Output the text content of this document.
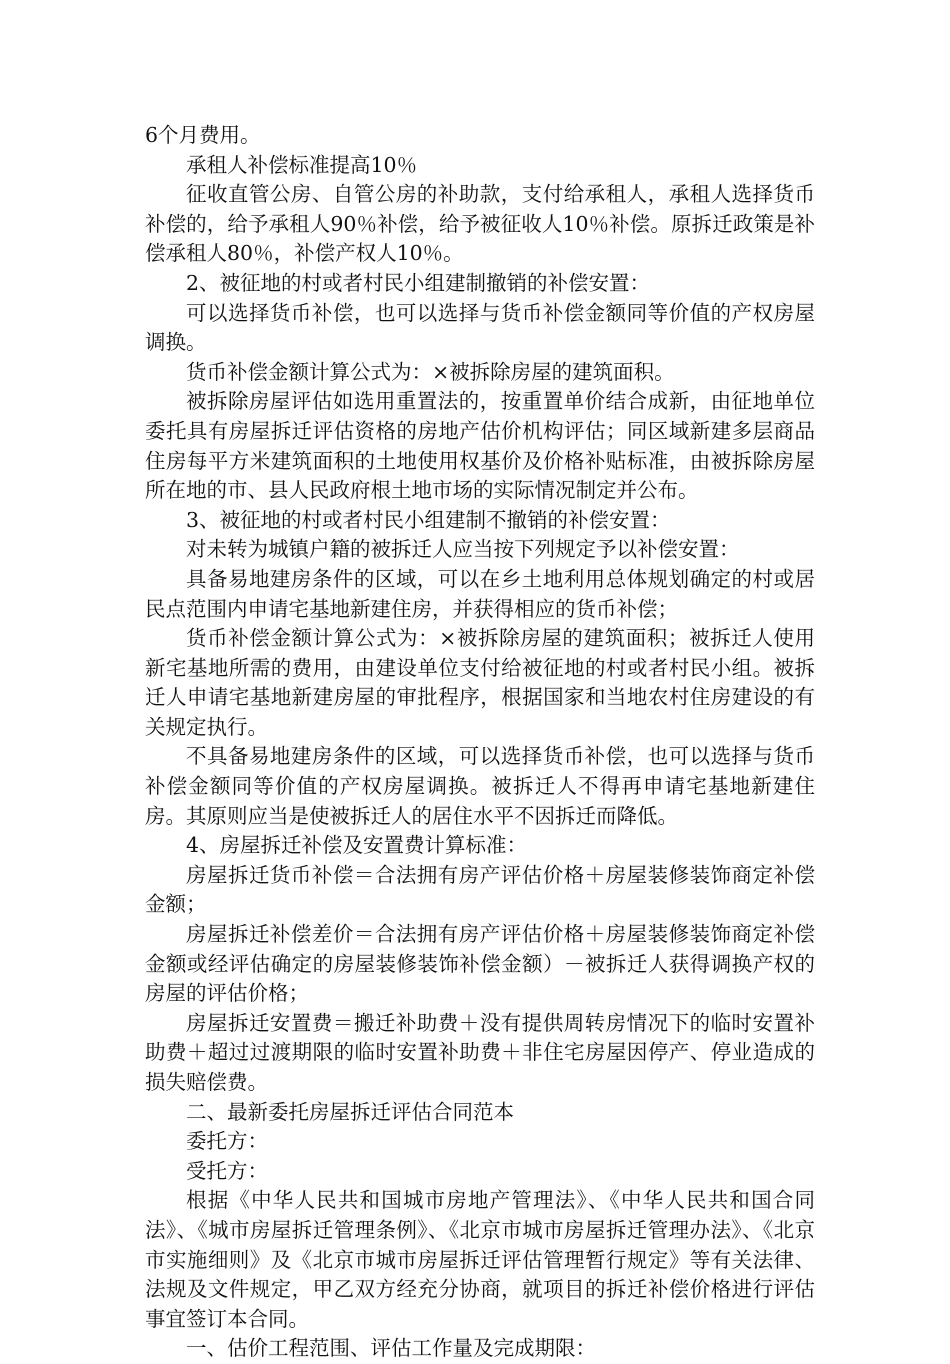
6个月费用。

承租人补偿标准提高10％

征收直管公房、自管公房的补助款，支付给承租人，承租人选择货币补偿的，给予承租人90％补偿，给予被征收人10％补偿。原拆迁政策是补偿承租人80％，补偿产权人10％。

2、被征地的村或者村民小组建制撤销的补偿安置：

可以选择货币补偿，也可以选择与货币补偿金额同等价值的产权房屋调换。

货币补偿金额计算公式为：×被拆除房屋的建筑面积。

被拆除房屋评估如选用重置法的，按重置单价结合成新，由征地单位委托具有房屋拆迁评估资格的房地产估价机构评估；同区域新建多层商品住房每平方米建筑面积的土地使用权基价及价格补贴标准，由被拆除房屋所在地的市、县人民政府根土地市场的实际情况制定并公布。

3、被征地的村或者村民小组建制不撤销的补偿安置：

对未转为城镇户籍的被拆迁人应当按下列规定予以补偿安置：

具备易地建房条件的区域，可以在乡土地利用总体规划确定的村或居民点范围内申请宅基地新建住房，并获得相应的货币补偿；

货币补偿金额计算公式为：×被拆除房屋的建筑面积；被拆迁人使用新宅基地所需的费用，由建设单位支付给被征地的村或者村民小组。被拆迁人申请宅基地新建房屋的审批程序，根据国家和当地农村住房建设的有关规定执行。

不具备易地建房条件的区域，可以选择货币补偿，也可以选择与货币补偿金额同等价值的产权房屋调换。被拆迁人不得再申请宅基地新建住房。其原则应当是使被拆迁人的居住水平不因拆迁而降低。

4、房屋拆迁补偿及安置费计算标准：

房屋拆迁货币补偿＝合法拥有房产评估价格＋房屋装修装饰商定补偿金额；

房屋拆迁补偿差价＝合法拥有房产评估价格＋房屋装修装饰商定补偿金额或经评估确定的房屋装修装饰补偿金额）－被拆迁人获得调换产权的房屋的评估价格；

房屋拆迁安置费＝搬迁补助费＋没有提供周转房情况下的临时安置补助费＋超过过渡期限的临时安置补助费＋非住宅房屋因停产、停业造成的损失赔偿费。

二、最新委托房屋拆迁评估合同范本

委托方：

受托方：

根据《中华人民共和国城市房地产管理法》、《中华人民共和国合同法》、《城市房屋拆迁管理条例》、《北京市城市房屋拆迁管理办法》、《北京市实施细则》及《北京市城市房屋拆迁评估管理暂行规定》等有关法律、法规及文件规定，甲乙双方经充分协商，就项目的拆迁补偿价格进行评估事宜签订本合同。

一、估价工程范围、评估工作量及完成期限：
